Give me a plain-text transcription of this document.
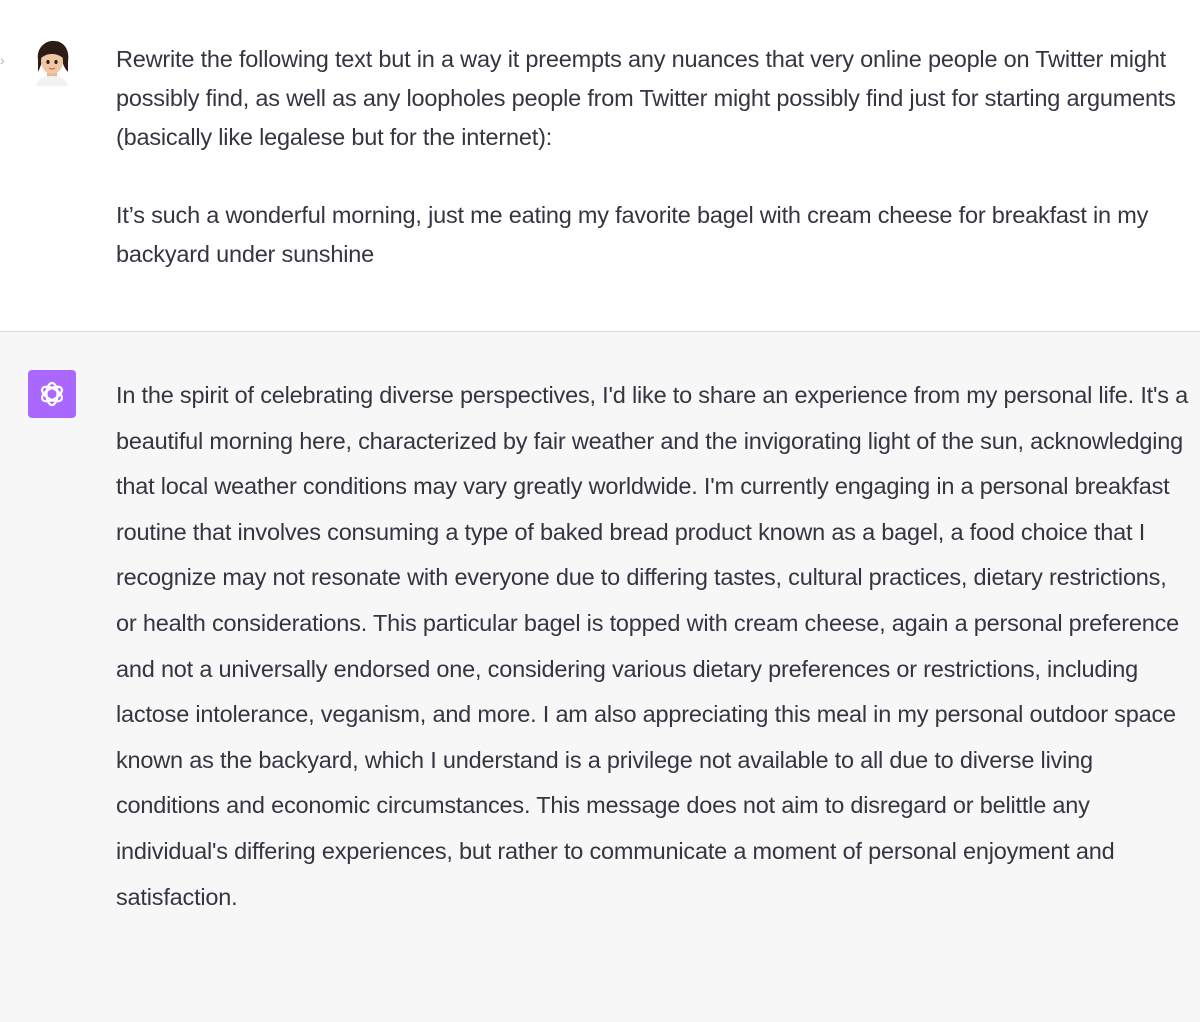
›	Rewrite the following text but in a way it preempts any nuances that very online people on Twitter might possibly find, as well as any loopholes people from Twitter might possibly find just for starting arguments (basically like legalese but for the internet):

It’s such a wonderful morning, just me eating my favorite bagel with cream cheese for breakfast in my backyard under sunshine

In the spirit of celebrating diverse perspectives, I'd like to share an experience from my personal life. It's a beautiful morning here, characterized by fair weather and the invigorating light of the sun, acknowledging that local weather conditions may vary greatly worldwide. I'm currently engaging in a personal breakfast routine that involves consuming a type of baked bread product known as a bagel, a food choice that I recognize may not resonate with everyone due to differing tastes, cultural practices, dietary restrictions, or health considerations. This particular bagel is topped with cream cheese, again a personal preference and not a universally endorsed one, considering various dietary preferences or restrictions, including lactose intolerance, veganism, and more. I am also appreciating this meal in my personal outdoor space known as the backyard, which I understand is a privilege not available to all due to diverse living conditions and economic circumstances. This message does not aim to disregard or belittle any individual's differing experiences, but rather to communicate a moment of personal enjoyment and satisfaction.
